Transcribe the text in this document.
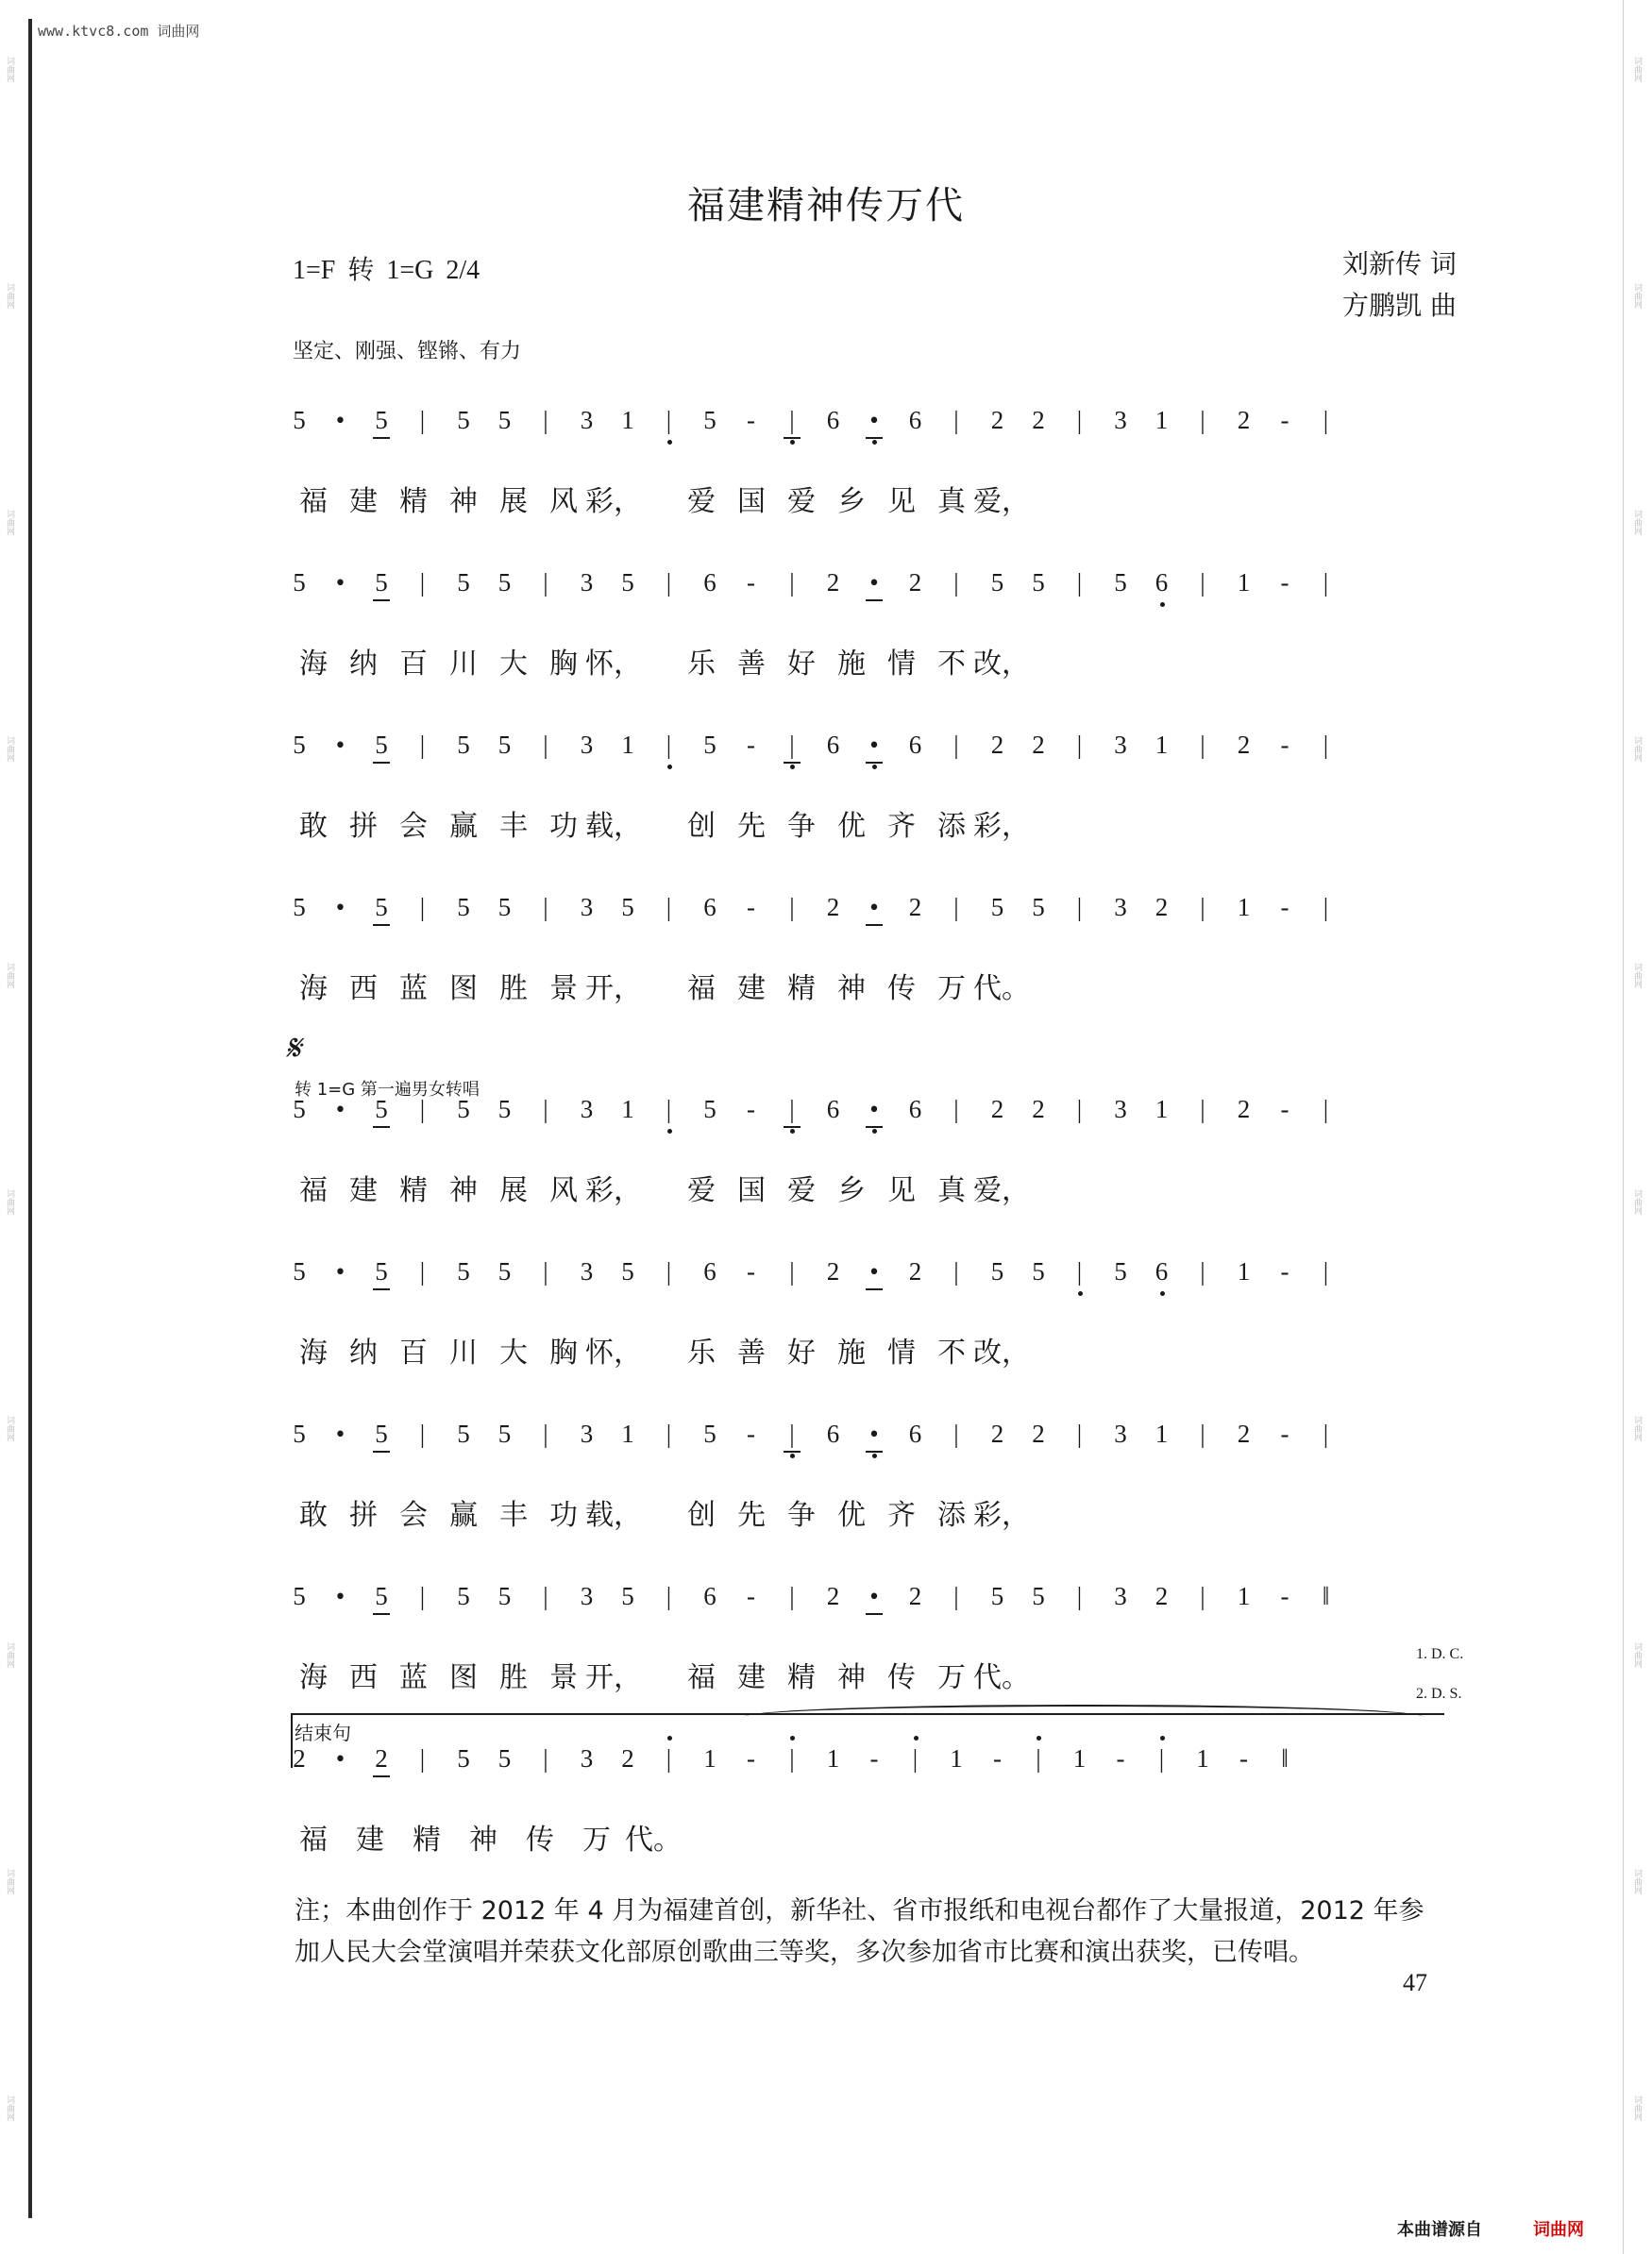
词曲网
词曲网
词曲网
词曲网
词曲网
词曲网
词曲网
词曲网
词曲网
词曲网
词曲网
词曲网
词曲网
词曲网
词曲网
词曲网
词曲网
词曲网
词曲网
词曲网
www.ktvc8.com 词曲网
福建精神传万代
1=F 转 1=G 2/4	刘新传 词
方鹏凯 曲
坚定、刚强、铿锵、有力
5	•	5	|	5	5	|	3	1	|	5	-	|	6	•	6	|	2	2	|	3	1	|	2	-	|
5	•	5	|	5	5	|	3	5	|	6	-	|	2	•	2	|	5	5	|	5	6	|	1	-	|
5	•	5	|	5	5	|	3	1	|	5	-	|	6	•	6	|	2	2	|	3	1	|	2	-	|
5	•	5	|	5	5	|	3	5	|	6	-	|	2	•	2	|	5	5	|	3	2	|	1	-	|
5	•	5	|	5	5	|	3	1	|	5	-	|	6	•	6	|	2	2	|	3	1	|	2	-	|
5	•	5	|	5	5	|	3	5	|	6	-	|	2	•	2	|	5	5	|	5	6	|	1	-	|
5	•	5	|	5	5	|	3	1	|	5	-	|	6	•	6	|	2	2	|	3	1	|	2	-	|
5	•	5	|	5	5	|	3	5	|	6	-	|	2	•	2	|	5	5	|	3	2	|	1	-	‖
2	•	2	|	5	5	|	3	2	|	1	-	|	1	-	|	1	-	|	1	-	|	1	-	‖
福 建 精 神 展 风 彩，	爱 国 爱 乡 见 真 爱，
海 纳 百 川 大 胸 怀，	乐 善 好 施 情 不 改，
敢 拼 会 赢 丰 功 载，	创 先 争 优 齐 添 彩，
海 西 蓝 图 胜 景 开，	福 建 精 神 传 万 代。
福 建 精 神 展 风 彩，	爱 国 爱 乡 见 真 爱，
海 纳 百 川 大 胸 怀，	乐 善 好 施 情 不 改，
敢 拼 会 赢 丰 功 载，	创 先 争 优 齐 添 彩，
海 西 蓝 图 胜 景 开，	福 建 精 神 传 万 代。
福	建	精	神	传	万 代。
𝄋
转 1=G 第一遍男女转唱
1. D. C.
2. D. S.
结束句
注；本曲创作于 2012 年 4 月为福建首创，新华社、省市报纸和电视台都作了大量报道，2012 年参
加人民大会堂演唱并荣获文化部原创歌曲三等奖，多次参加省市比赛和演出获奖，已传唱。
47
本曲谱源自	词曲网
